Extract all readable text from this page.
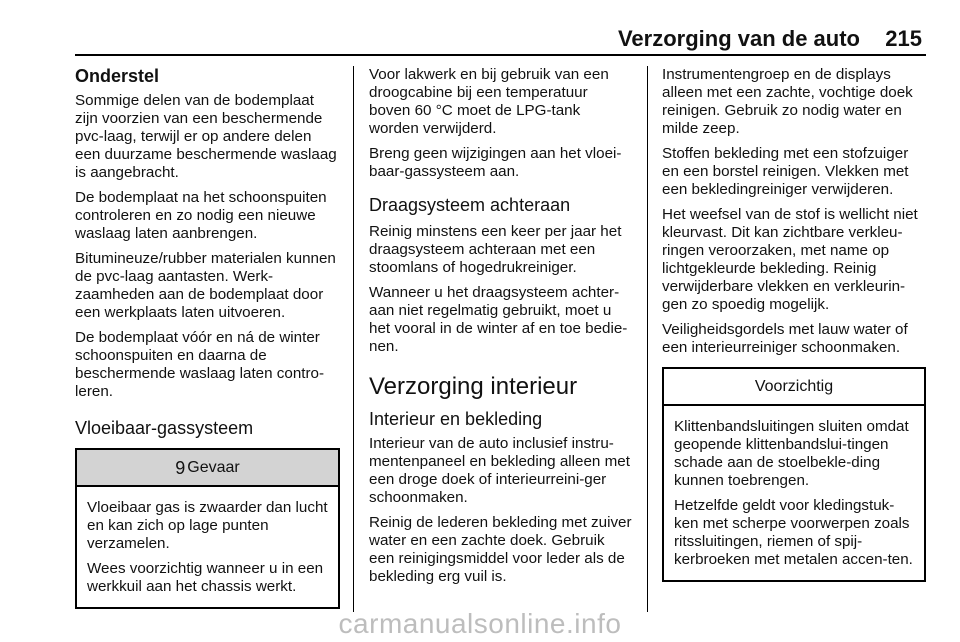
Verzorging van de auto 215
Onderstel

Sommige delen van de bodemplaat zijn voorzien van een beschermende pvc-laag, terwijl er op andere delen een duurzame beschermende waslaag is aangebracht.

De bodemplaat na het schoonspuiten controleren en zo nodig een nieuwe waslaag laten aanbrengen.

Bitumineuze/rubber materialen kunnen de pvc-laag aantasten. Werk-zaamheden aan de bodemplaat door een werkplaats laten uitvoeren.

De bodemplaat vóór en ná de winter schoonspuiten en daarna de beschermende waslaag laten contro-leren.

Vloeibaar-gassysteem
9 Gevaar

Vloeibaar gas is zwaarder dan lucht en kan zich op lage punten verzamelen.

Wees voorzichtig wanneer u in een werkkuil aan het chassis werkt.

Voor lakwerk en bij gebruik van een droogcabine bij een temperatuur boven 60 °C moet de LPG-tank worden verwijderd.

Breng geen wijzigingen aan het vloei-baar-gassysteem aan.

Draagsysteem achteraan

Reinig minstens een keer per jaar het draagsysteem achteraan met een stoomlans of hogedrukreiniger.

Wanneer u het draagsysteem achter-aan niet regelmatig gebruikt, moet u het vooral in de winter af en toe bedie-nen.

Verzorging interieur
Interieur en bekleding

Interieur van de auto inclusief instru-mentenpaneel en bekleding alleen met een droge doek of interieurreini-ger schoonmaken.

Reinig de lederen bekleding met zuiver water en een zachte doek. Gebruik een reinigingsmiddel voor leder als de bekleding erg vuil is.

Instrumentengroep en de displays alleen met een zachte, vochtige doek reinigen. Gebruik zo nodig water en milde zeep.

Stoffen bekleding met een stofzuiger en een borstel reinigen. Vlekken met een bekledingreiniger verwijderen.

Het weefsel van de stof is wellicht niet kleurvast. Dit kan zichtbare verkleu-ringen veroorzaken, met name op lichtgekleurde bekleding. Reinig verwijderbare vlekken en verkleurin-gen zo spoedig mogelijk.

Veiligheidsgordels met lauw water of een interieurreiniger schoonmaken.

Voorzichtig

Klittenbandsluitingen sluiten omdat geopende klittenbandslui-tingen schade aan de stoelbekle-ding kunnen toebrengen.

Hetzelfde geldt voor kledingstuk-ken met scherpe voorwerpen zoals ritssluitingen, riemen of spij-kerbroeken met metalen accen-ten.

carmanualsonline.info
